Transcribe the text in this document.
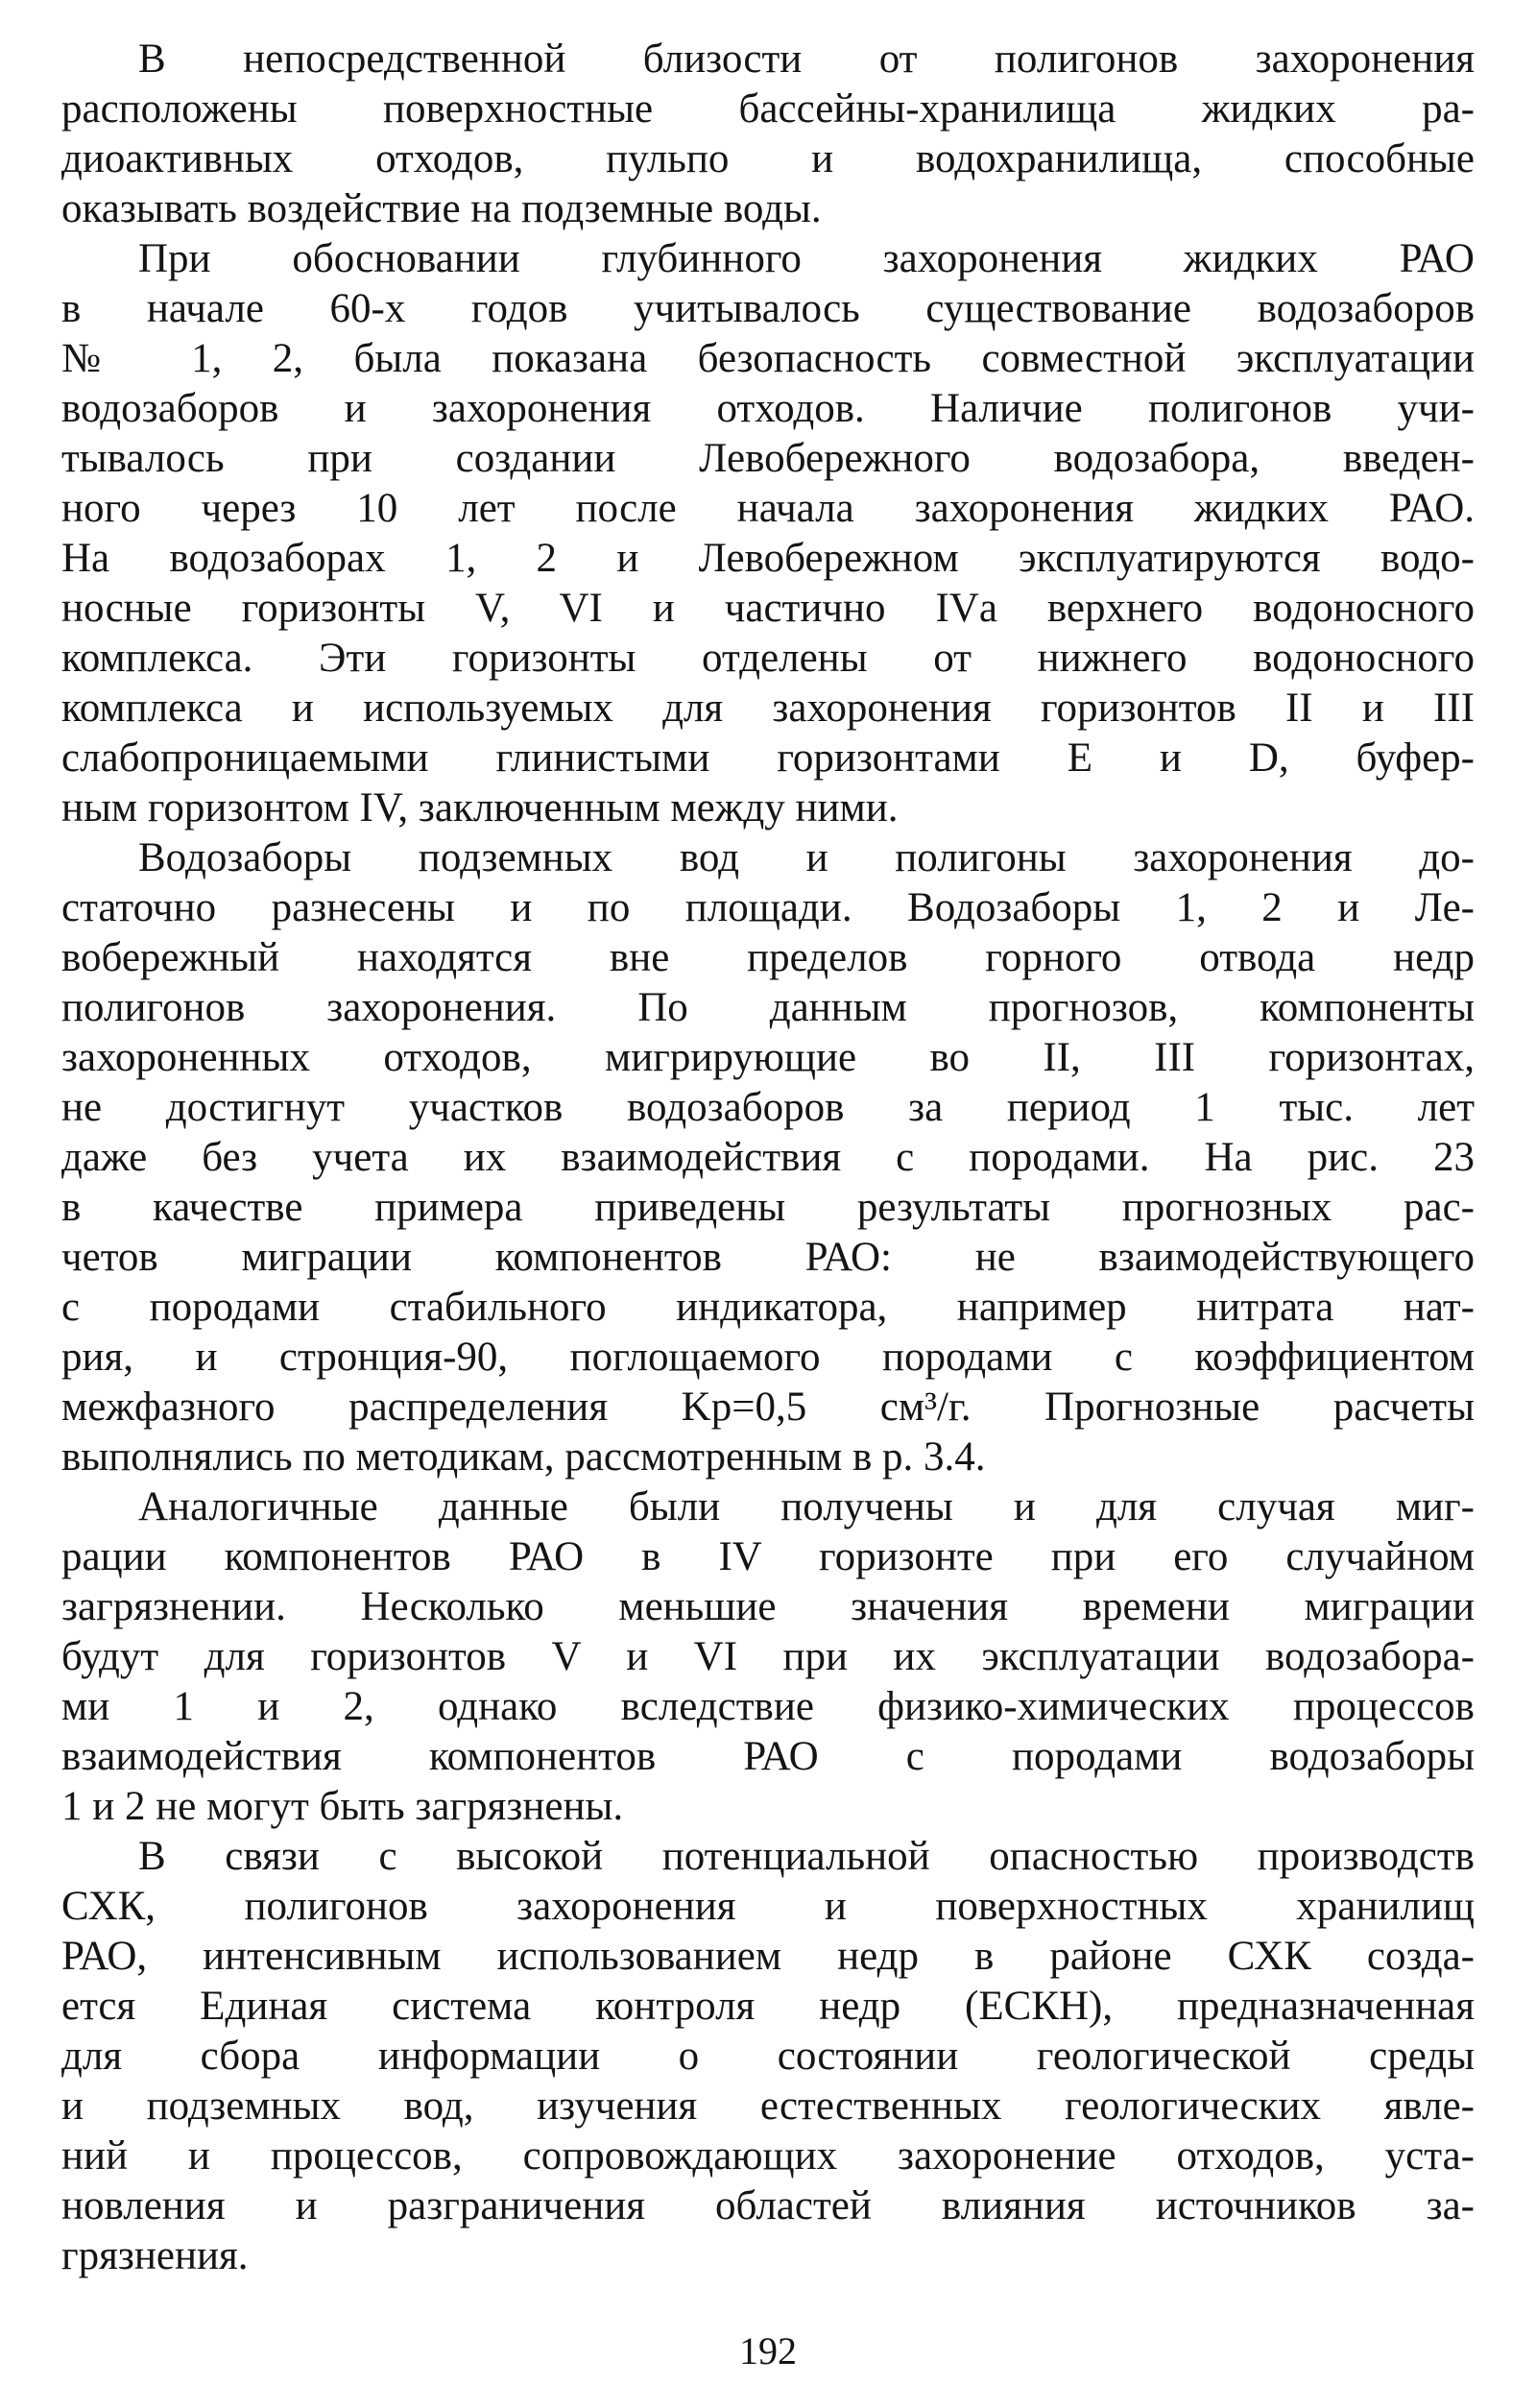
В непосредственной близости от полигонов захоронения
расположены поверхностные бассейны-хранилища жидких ра-
диоактивных отходов, пульпо и водохранилища, способные
оказывать воздействие на подземные воды.
При обосновании глубинного захоронения жидких РАО
в начале 60-х годов учитывалось существование водозаборов
№ 1, 2, была показана безопасность совместной эксплуатации
водозаборов и захоронения отходов. Наличие полигонов учи-
тывалось при создании Левобережного водозабора, введен-
ного через 10 лет после начала захоронения жидких РАО.
На водозаборах 1, 2 и Левобережном эксплуатируются водо-
носные горизонты V, VI и частично IVа верхнего водоносного
комплекса. Эти горизонты отделены от нижнего водоносного
комплекса и используемых для захоронения горизонтов II и III
слабопроницаемыми глинистыми горизонтами E и D, буфер-
ным горизонтом IV, заключенным между ними.
Водозаборы подземных вод и полигоны захоронения до-
статочно разнесены и по площади. Водозаборы 1, 2 и Ле-
вобережный находятся вне пределов горного отвода недр
полигонов захоронения. По данным прогнозов, компоненты
захороненных отходов, мигрирующие во II, III горизонтах,
не достигнут участков водозаборов за период 1 тыс. лет
даже без учета их взаимодействия с породами. На рис. 23
в качестве примера приведены результаты прогнозных рас-
четов миграции компонентов РАО: не взаимодействующего
с породами стабильного индикатора, например нитрата нат-
рия, и стронция-90, поглощаемого породами с коэффициентом
межфазного распределения Kp=0,5 см³/г. Прогнозные расчеты
выполнялись по методикам, рассмотренным в р. 3.4.
Аналогичные данные были получены и для случая миг-
рации компонентов РАО в IV горизонте при его случайном
загрязнении. Несколько меньшие значения времени миграции
будут для горизонтов V и VI при их эксплуатации водозабора-
ми 1 и 2, однако вследствие физико-химических процессов
взаимодействия компонентов РАО с породами водозаборы
1 и 2 не могут быть загрязнены.
В связи с высокой потенциальной опасностью производств
СХК, полигонов захоронения и поверхностных хранилищ
РАО, интенсивным использованием недр в районе СХК созда-
ется Единая система контроля недр (ЕСКН), предназначенная
для сбора информации о состоянии геологической среды
и подземных вод, изучения естественных геологических явле-
ний и процессов, сопровождающих захоронение отходов, уста-
новления и разграничения областей влияния источников за-
грязнения.
192
